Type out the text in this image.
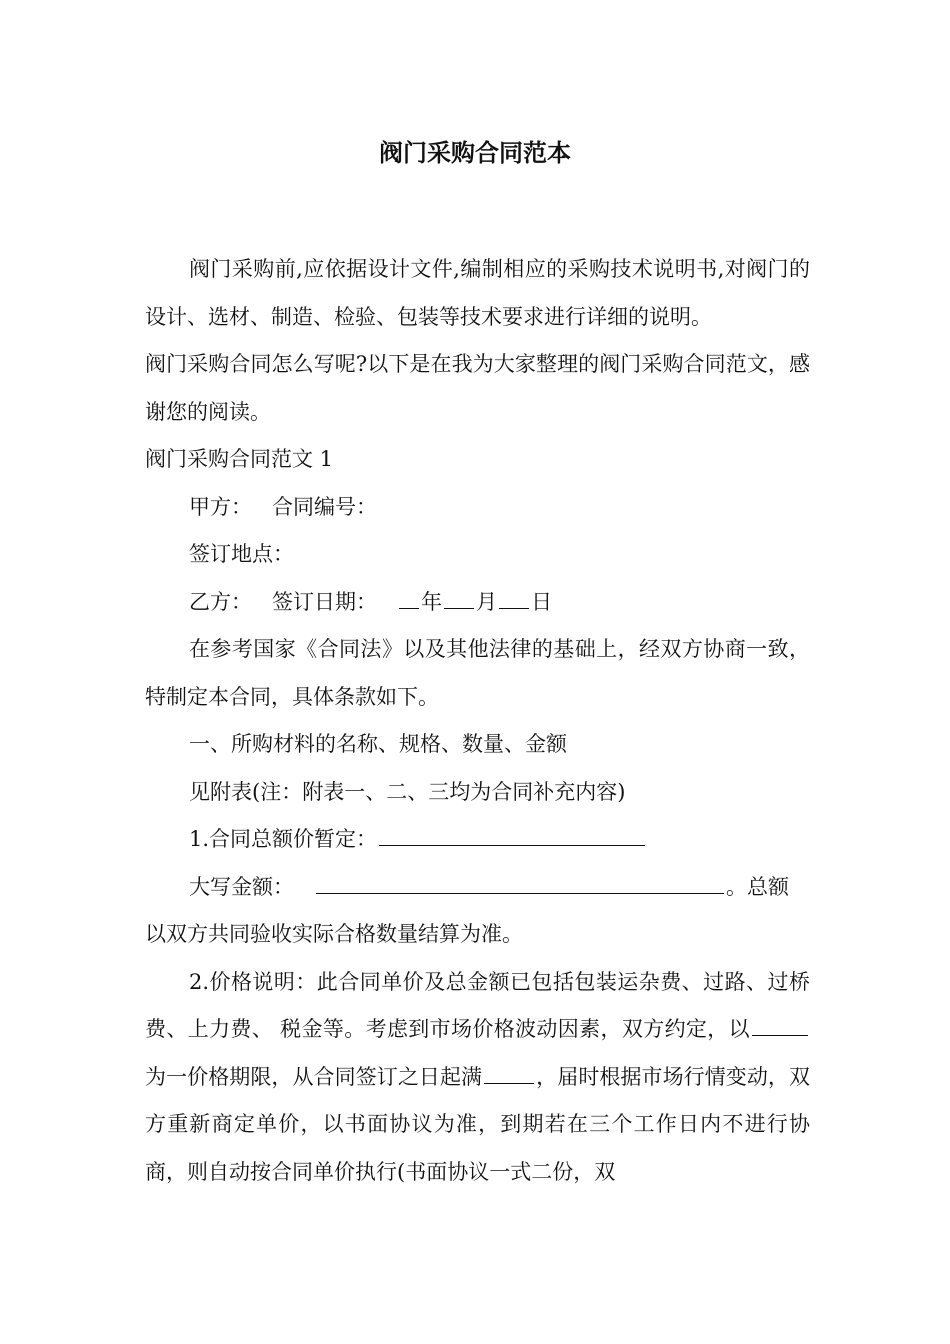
阀门采购合同范本

阀门采购前,应依据设计文件,编制相应的采购技术说明书,对阀门的设计、选材、制造、检验、包装等技术要求进行详细的说明。

阀门采购合同怎么写呢?以下是在我为大家整理的阀门采购合同范文，感谢您的阅读。

阀门采购合同范文 1

甲方： 合同编号：

签订地点：

乙方： 签订日期： 年 月 日

在参考国家《合同法》以及其他法律的基础上，经双方协商一致，特制定本合同，具体条款如下。

一、所购材料的名称、规格、数量、金额

见附表(注：附表一、二、三均为合同补充内容)

1.合同总额价暂定：

大写金额：	。总额

以双方共同验收实际合格数量结算为准。

2.价格说明：此合同单价及总金额已包括包装运杂费、过路、过桥费、上力费、 税金等。考虑到市场价格波动因素，双方约定，以为一价格期限，从合同签订之日起满	，届时根据市场行情变动，双方重新商定单价，以书面协议为准，到期若在三个工作日内不进行协商，则自动按合同单价执行(书面协议一式二份，双
